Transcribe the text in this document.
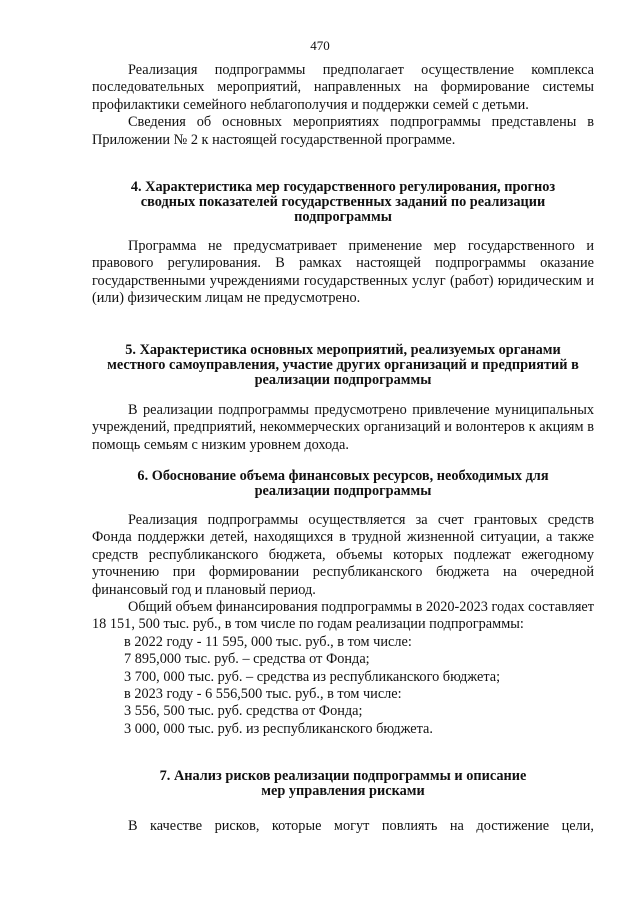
470

Реализация подпрограммы предполагает осуществление комплекса последовательных мероприятий, направленных на формирование системы профилактики семейного неблагополучия и поддержки семей с детьми.

Сведения об основных мероприятиях подпрограммы представлены в Приложении № 2 к настоящей государственной программе.

4. Характеристика мер государственного регулирования, прогноз

сводных показателей государственных заданий по реализации

подпрограммы

Программа не предусматривает применение мер государственного и правового регулирования. В рамках настоящей подпрограммы оказание государственными учреждениями государственных услуг (работ) юридическим и (или) физическим лицам не предусмотрено.

5. Характеристика основных мероприятий, реализуемых органами

местного самоуправления, участие других организаций и предприятий в

реализации подпрограммы

В реализации подпрограммы предусмотрено привлечение муниципальных учреждений, предприятий, некоммерческих организаций и волонтеров к акциям в помощь семьям с низким уровнем дохода.

6. Обоснование объема финансовых ресурсов, необходимых для

реализации подпрограммы

Реализация подпрограммы осуществляется за счет грантовых средств Фонда поддержки детей, находящихся в трудной жизненной ситуации, а также средств республиканского бюджета, объемы которых подлежат ежегодному уточнению при формировании республиканского бюджета на очередной финансовый год и плановый период.

Общий объем финансирования подпрограммы в 2020-2023 годах составляет 18 151, 500 тыс. руб., в том числе по годам реализации подпрограммы:

в 2022 году - 11 595, 000 тыс. руб., в том числе:

7 895,000 тыс. руб. – средства от Фонда;

3 700, 000 тыс. руб. – средства из республиканского бюджета;

в 2023 году - 6 556,500 тыс. руб., в том числе:

3 556, 500 тыс. руб. средства от Фонда;

3 000, 000 тыс. руб. из республиканского бюджета.

7. Анализ рисков реализации подпрограммы и описание

мер управления рисками

В качестве рисков, которые могут повлиять на достижение цели,
